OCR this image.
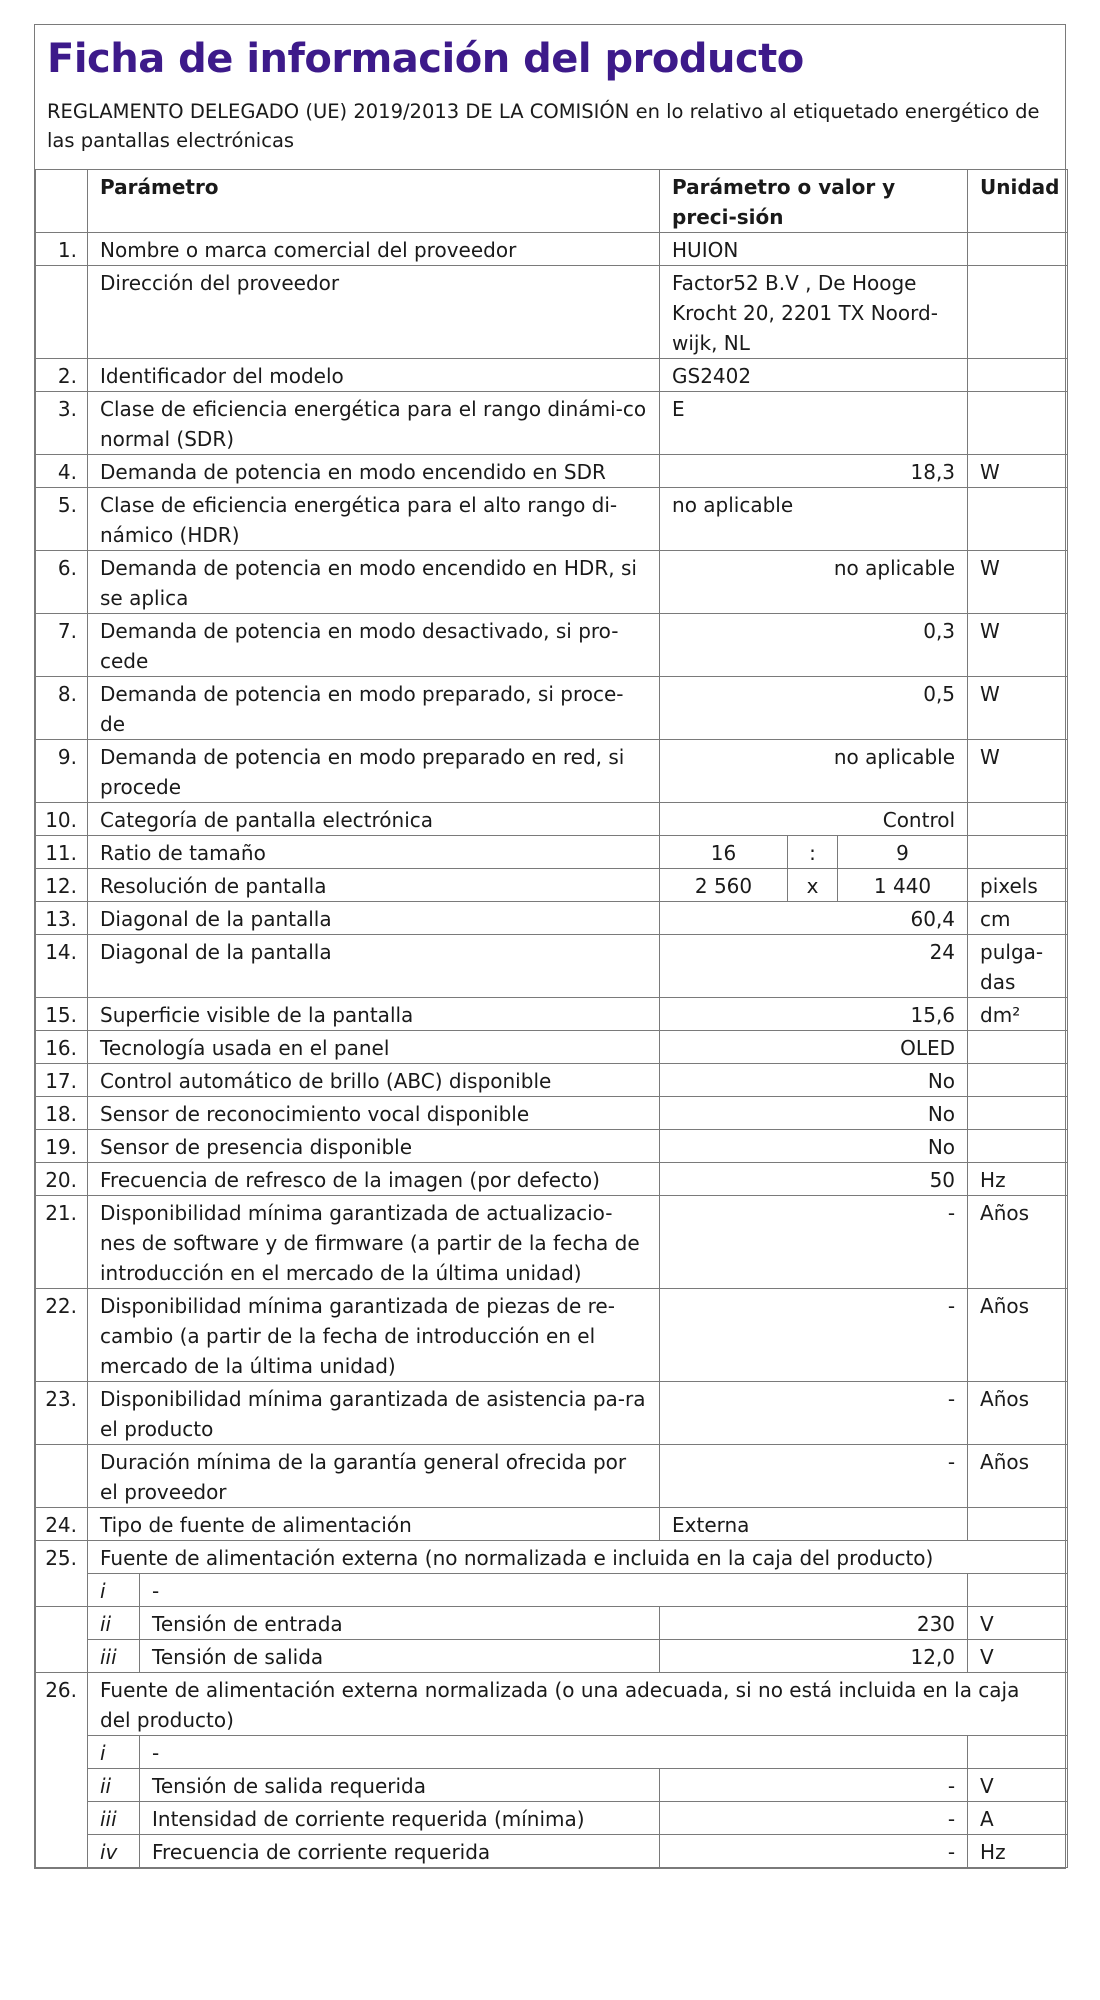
Ficha de información del producto
REGLAMENTO DELEGADO (UE) 2019/2013 DE LA COMISIÓN en lo relativo al etiquetado energético de las pantallas electrónicas
	Parámetro		Parámetro o valor y preci-sión			Unidad
1.	Nombre o marca comercial del proveedor		HUION			
	Dirección del proveedor		Factor52 B.V , De Hooge Krocht 20, 2201 TX Noord-wijk, NL			
2.	Identificador del modelo		GS2402			
3.	Clase de eficiencia energética para el rango dinámi-co normal (SDR)		E			
4.	Demanda de potencia en modo encendido en SDR		18,3			W
5.	Clase de eficiencia energética para el alto rango di-námico (HDR)		no aplicable			
6.	Demanda de potencia en modo encendido en HDR, si se aplica		no aplicable			W
7.	Demanda de potencia en modo desactivado, si pro-cede		0,3			W
8.	Demanda de potencia en modo preparado, si proce-de		0,5			W
9.	Demanda de potencia en modo preparado en red, si procede		no aplicable			W
10.	Categoría de pantalla electrónica		Control			
11.	Ratio de tamaño		16	:	9	
12.	Resolución de pantalla		2 560	x	1 440	pixels
13.	Diagonal de la pantalla		60,4			cm
14.	Diagonal de la pantalla		24			pulga-das
15.	Superficie visible de la pantalla		15,6			dm²
16.	Tecnología usada en el panel		OLED			
17.	Control automático de brillo (ABC) disponible		No			
18.	Sensor de reconocimiento vocal disponible		No			
19.	Sensor de presencia disponible		No			
20.	Frecuencia de refresco de la imagen (por defecto)		50			Hz
21.	Disponibilidad mínima garantizada de actualizacio-nes de software y de firmware (a partir de la fecha de introducción en el mercado de la última unidad)		-			Años
22.	Disponibilidad mínima garantizada de piezas de re-cambio (a partir de la fecha de introducción en el mercado de la última unidad)		-			Años
23.	Disponibilidad mínima garantizada de asistencia pa-ra el producto		-			Años
	Duración mínima de la garantía general ofrecida por el proveedor		-			Años
24.	Tipo de fuente de alimentación		Externa			
25.	Fuente de alimentación externa (no normalizada e incluida en la caja del producto)					
	i	-				
	ii	Tensión de entrada	230			V
	iii	Tensión de salida	12,0			V
26.	Fuente de alimentación externa normalizada (o una adecuada, si no está incluida en la caja del producto)					
	i	-				
	ii	Tensión de salida requerida	-			V
	iii	Intensidad de corriente requerida (mínima)	-			A
	iv	Frecuencia de corriente requerida	-			Hz
